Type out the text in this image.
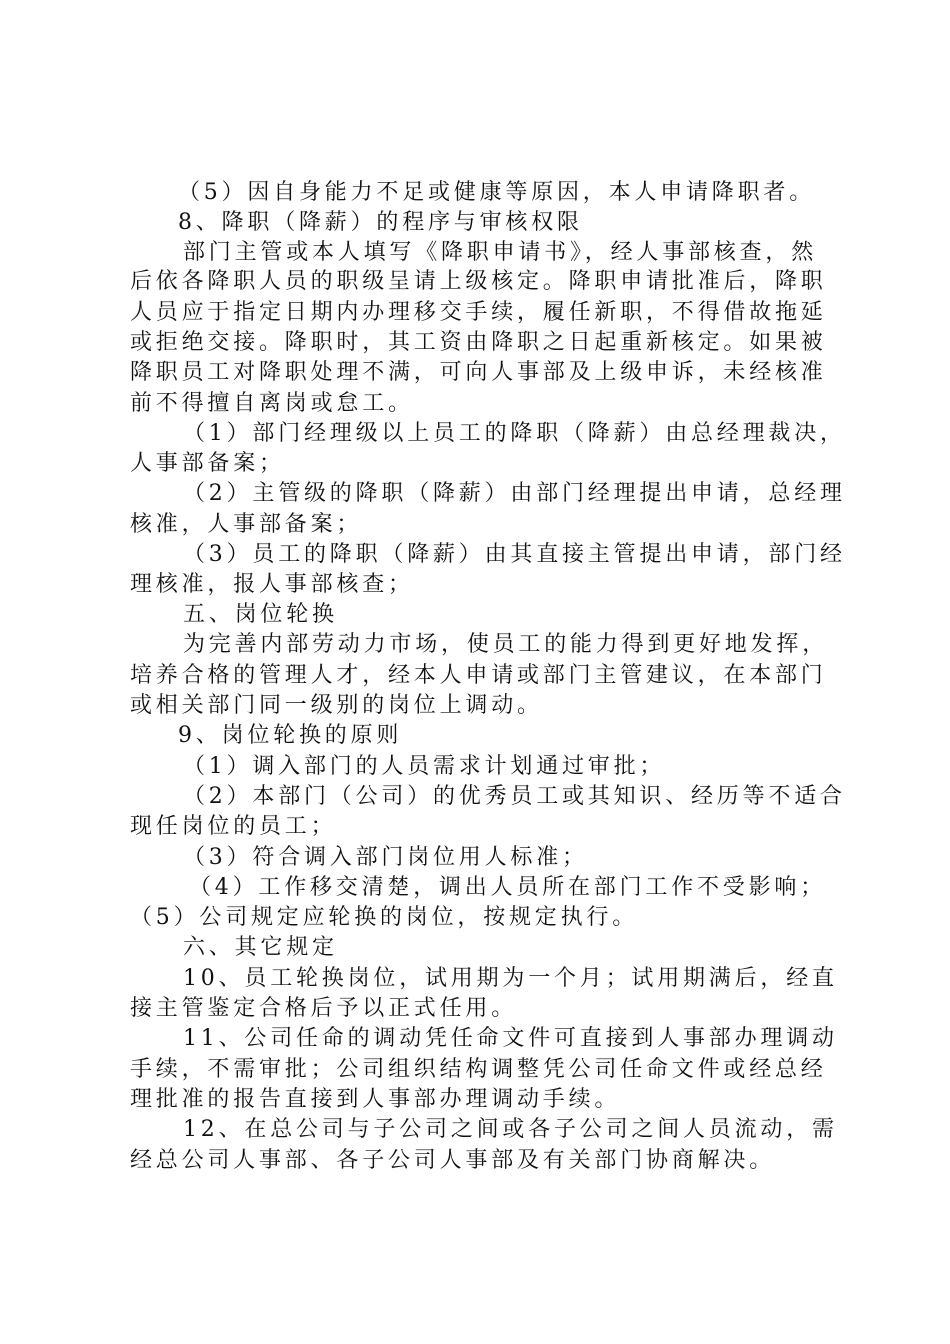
（5）因自身能力不足或健康等原因，本人申请降职者。
8、降职（降薪）的程序与审核权限
部门主管或本人填写《降职申请书》，经人事部核查，然
后依各降职人员的职级呈请上级核定。降职申请批准后，降职
人员应于指定日期内办理移交手续，履任新职，不得借故拖延
或拒绝交接。降职时，其工资由降职之日起重新核定。如果被
降职员工对降职处理不满，可向人事部及上级申诉，未经核准
前不得擅自离岗或怠工。
（1）部门经理级以上员工的降职（降薪）由总经理裁决，
人事部备案；
（2）主管级的降职（降薪）由部门经理提出申请，总经理
核准，人事部备案；
（3）员工的降职（降薪）由其直接主管提出申请，部门经
理核准，报人事部核查；
五、岗位轮换
为完善内部劳动力市场，使员工的能力得到更好地发挥，
培养合格的管理人才，经本人申请或部门主管建议，在本部门
或相关部门同一级别的岗位上调动。
9、岗位轮换的原则
（1）调入部门的人员需求计划通过审批；
（2）本部门（公司）的优秀员工或其知识、经历等不适合
现任岗位的员工；
（3）符合调入部门岗位用人标准；
（4）工作移交清楚，调出人员所在部门工作不受影响；
（5）公司规定应轮换的岗位，按规定执行。
六、其它规定
10、员工轮换岗位，试用期为一个月；试用期满后，经直
接主管鉴定合格后予以正式任用。
11、公司任命的调动凭任命文件可直接到人事部办理调动
手续，不需审批；公司组织结构调整凭公司任命文件或经总经
理批准的报告直接到人事部办理调动手续。
12、在总公司与子公司之间或各子公司之间人员流动，需
经总公司人事部、各子公司人事部及有关部门协商解决。
